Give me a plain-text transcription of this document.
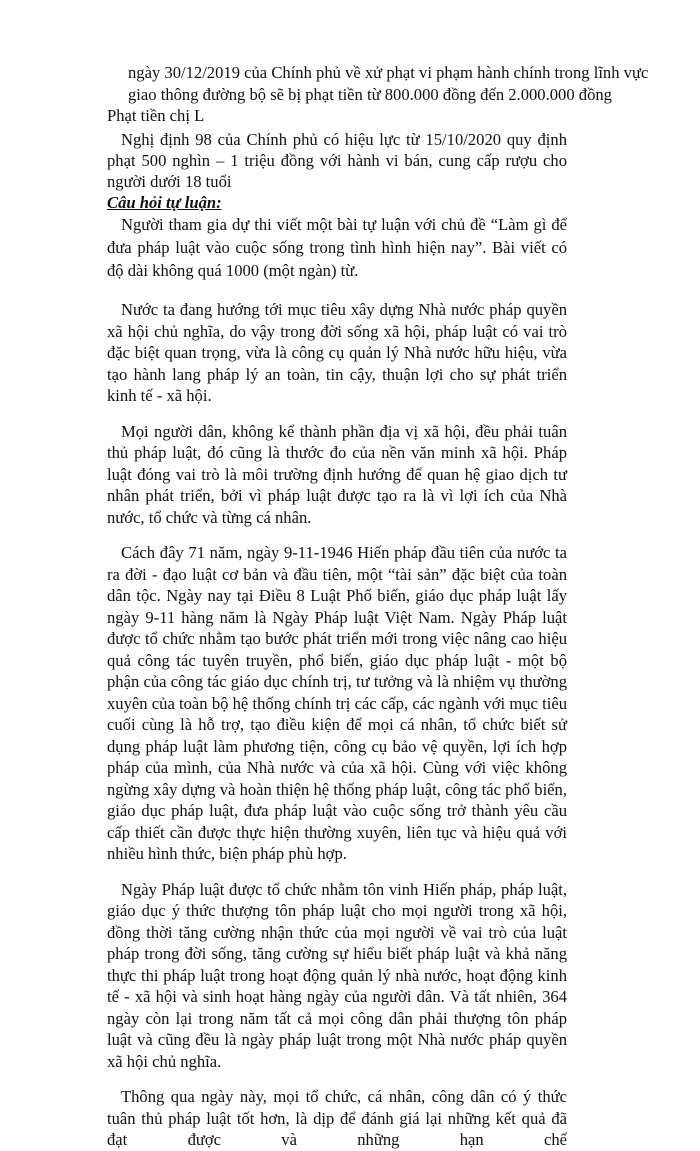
ngày 30/12/2019 của Chính phủ về xử phạt vi phạm hành chính trong lĩnh vực
giao thông đường bộ sẽ bị phạt tiền từ 800.000 đồng đến 2.000.000 đồng

Phạt tiền chị L

Nghị định 98 của Chính phủ có hiệu lực từ 15/10/2020 quy định phạt 500 nghìn – 1 triệu đồng với hành vi bán, cung cấp rượu cho người dưới 18 tuổi

Câu hỏi tự luận:

Người tham gia dự thi viết một bài tự luận với chủ đề “Làm gì để đưa pháp luật vào cuộc sống trong tình hình hiện nay”. Bài viết có độ dài không quá 1000 (một ngàn) từ.

Nước ta đang hướng tới mục tiêu xây dựng Nhà nước pháp quyền xã hội chủ nghĩa, do vậy trong đời sống xã hội, pháp luật có vai trò đặc biệt quan trọng, vừa là công cụ quản lý Nhà nước hữu hiệu, vừa tạo hành lang pháp lý an toàn, tin cậy, thuận lợi cho sự phát triển kinh tế - xã hội.

Mọi người dân, không kể thành phần địa vị xã hội, đều phải tuân thủ pháp luật, đó cũng là thước đo của nền văn minh xã hội. Pháp luật đóng vai trò là môi trường định hướng để quan hệ giao dịch tư nhân phát triển, bởi vì pháp luật được tạo ra là vì lợi ích của Nhà nước, tổ chức và từng cá nhân.

Cách đây 71 năm, ngày 9-11-1946 Hiến pháp đầu tiên của nước ta ra đời - đạo luật cơ bản và đầu tiên, một “tài sản” đặc biệt của toàn dân tộc. Ngày nay tại Điều 8 Luật Phổ biến, giáo dục pháp luật lấy ngày 9-11 hàng năm là Ngày Pháp luật Việt Nam. Ngày Pháp luật được tổ chức nhằm tạo bước phát triển mới trong việc nâng cao hiệu quả công tác tuyên truyền, phổ biến, giáo dục pháp luật - một bộ phận của công tác giáo dục chính trị, tư tưởng và là nhiệm vụ thường xuyên của toàn bộ hệ thống chính trị các cấp, các ngành với mục tiêu cuối cùng là hỗ trợ, tạo điều kiện để mọi cá nhân, tổ chức biết sử dụng pháp luật làm phương tiện, công cụ bảo vệ quyền, lợi ích hợp pháp của mình, của Nhà nước và của xã hội. Cùng với việc không ngừng xây dựng và hoàn thiện hệ thống pháp luật, công tác phổ biến, giáo dục pháp luật, đưa pháp luật vào cuộc sống trở thành yêu cầu cấp thiết cần được thực hiện thường xuyên, liên tục và hiệu quả với nhiều hình thức, biện pháp phù hợp.

Ngày Pháp luật được tổ chức nhằm tôn vinh Hiến pháp, pháp luật, giáo dục ý thức thượng tôn pháp luật cho mọi người trong xã hội, đồng thời tăng cường nhận thức của mọi người về vai trò của luật pháp trong đời sống, tăng cường sự hiểu biết pháp luật và khả năng thực thi pháp luật trong hoạt động quản lý nhà nước, hoạt động kinh tế - xã hội và sinh hoạt hàng ngày của người dân. Và tất nhiên, 364 ngày còn lại trong năm tất cả mọi công dân phải thượng tôn pháp luật và cũng đều là ngày pháp luật trong một Nhà nước pháp quyền xã hội chủ nghĩa.

Thông qua ngày này, mọi tổ chức, cá nhân, công dân có ý thức tuân thủ pháp luật tốt hơn, là dịp để đánh giá lại những kết quả đã đạt được và những hạn chế
